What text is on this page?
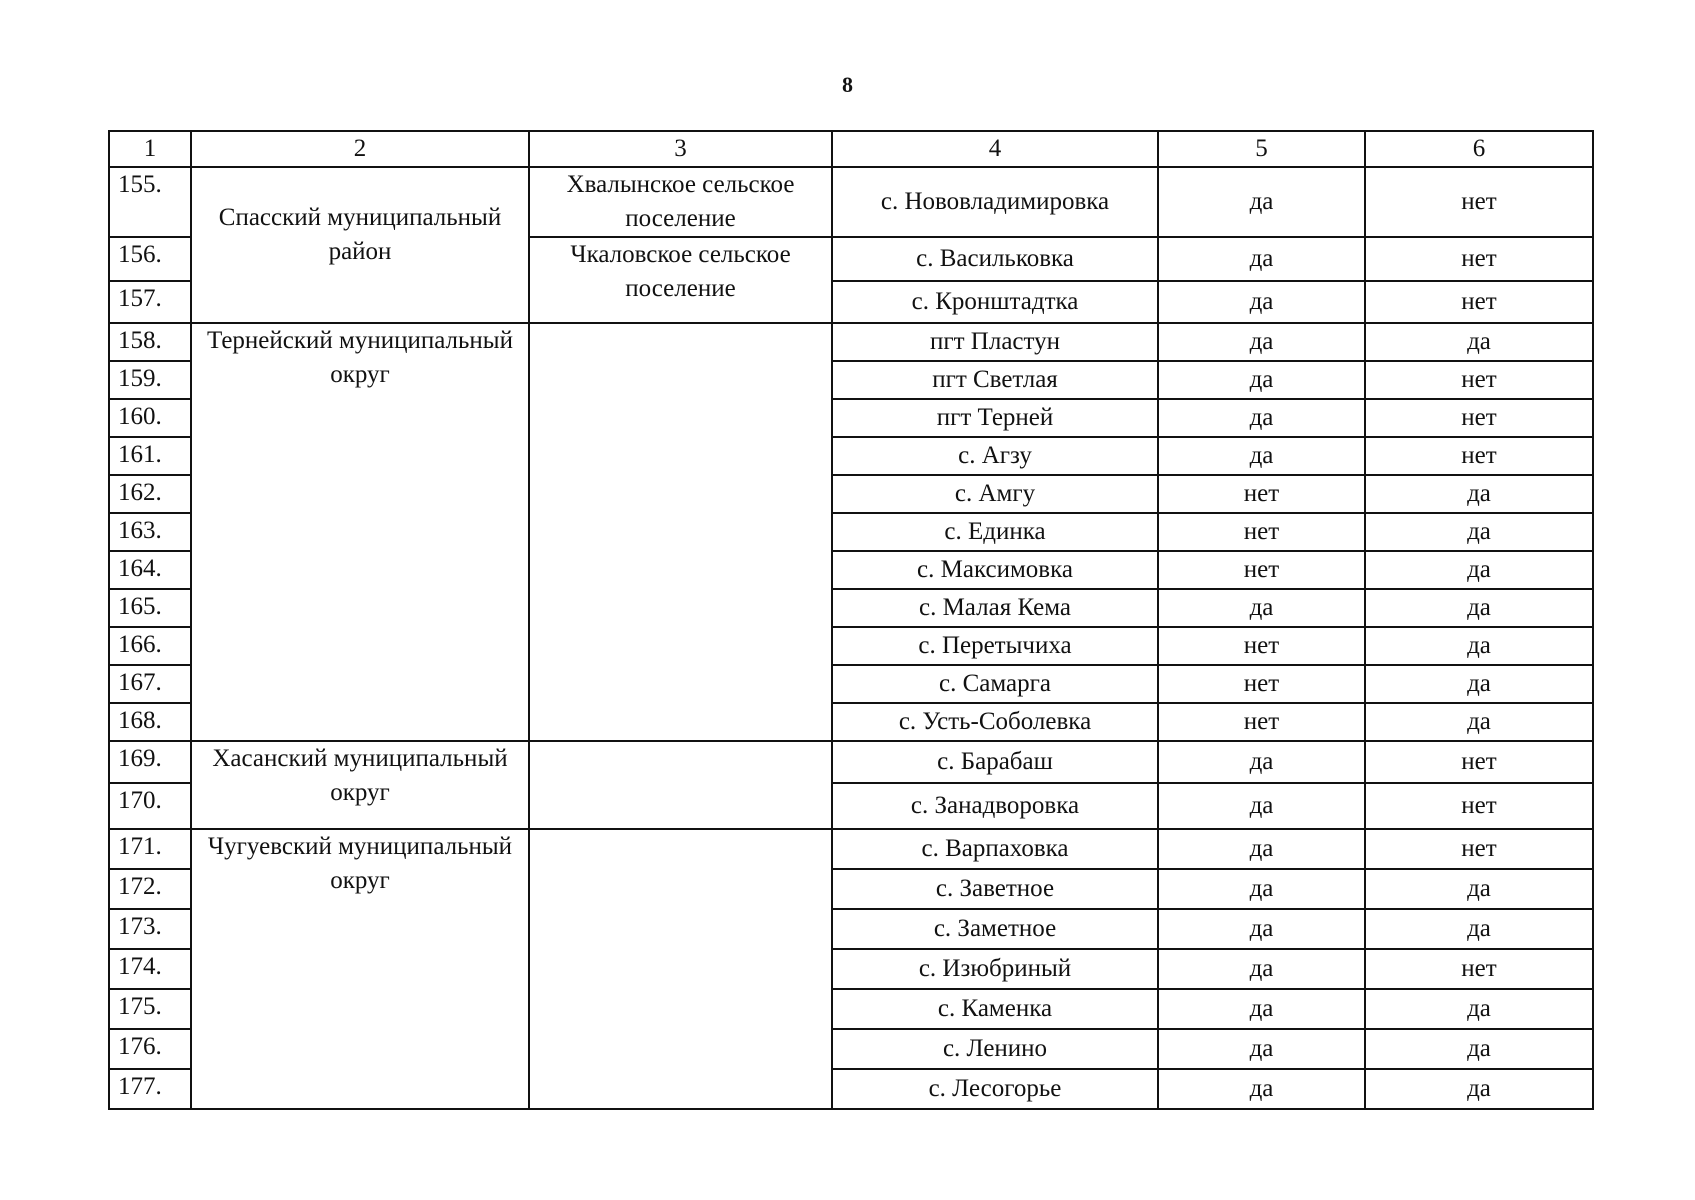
8
1	2	3	4	5	6
155.	Спасский муниципальный район	Хвалынское сельское поселение	с. Нововладимировка	да	нет
156.		Чкаловское сельское поселение	с. Васильковка	да	нет
157.			с. Кронштадтка	да	нет
158.	Тернейский муниципальный округ		пгт Пластун	да	да
159.			пгт Светлая	да	нет
160.			пгт Терней	да	нет
161.			с. Агзу	да	нет
162.			с. Амгу	нет	да
163.			с. Единка	нет	да
164.			с. Максимовка	нет	да
165.			с. Малая Кема	да	да
166.			с. Перетычиха	нет	да
167.			с. Самарга	нет	да
168.			с. Усть-Соболевка	нет	да
169.	Хасанский муниципальный округ		с. Барабаш	да	нет
170.			с. Занадворовка	да	нет
171.	Чугуевский муниципальный округ		с. Варпаховка	да	нет
172.			с. Заветное	да	да
173.			с. Заметное	да	да
174.			с. Изюбриный	да	нет
175.			с. Каменка	да	да
176.			с. Ленино	да	да
177.			с. Лесогорье	да	да
